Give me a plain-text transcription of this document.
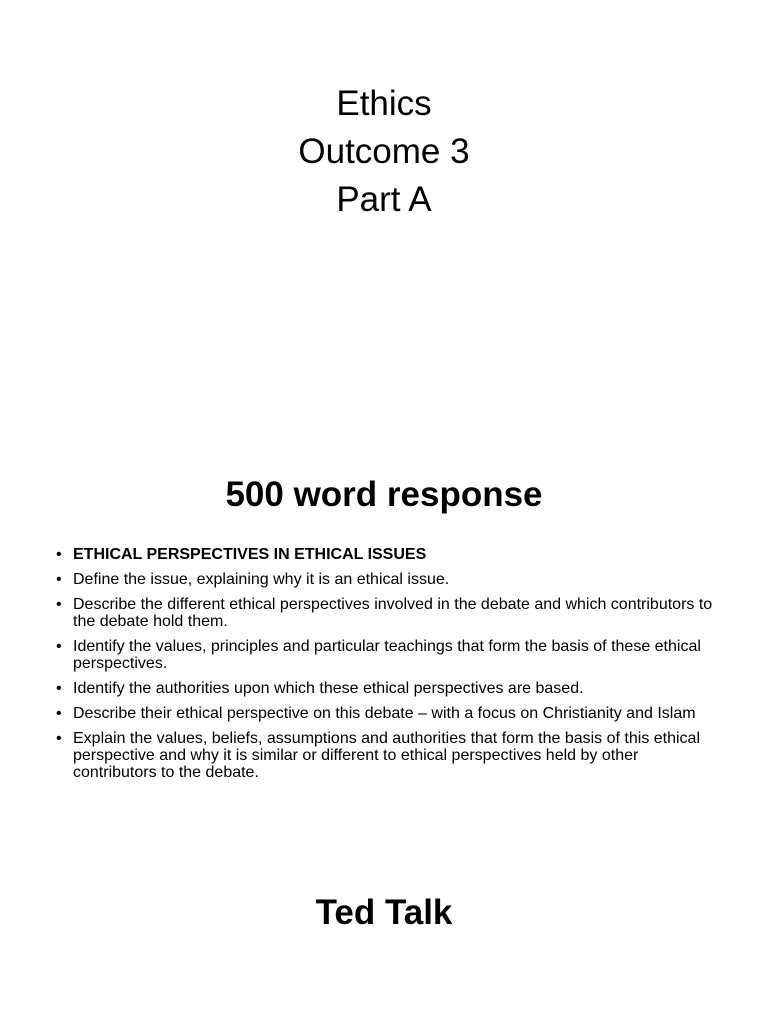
Ethics
Outcome 3
Part A
500 word response
• ETHICAL PERSPECTIVES IN ETHICAL ISSUES
• Define the issue, explaining why it is an ethical issue.
• Describe the different ethical perspectives involved in the debate and which contributors to the debate hold them.
• Identify the values, principles and particular teachings that form the basis of these ethical perspectives.
• Identify the authorities upon which these ethical perspectives are based.
• Describe their ethical perspective on this debate – with a focus on Christianity and Islam
• Explain the values, beliefs, assumptions and authorities that form the basis of this ethical perspective and why it is similar or different to ethical perspectives held by other contributors to the debate.
Ted Talk
